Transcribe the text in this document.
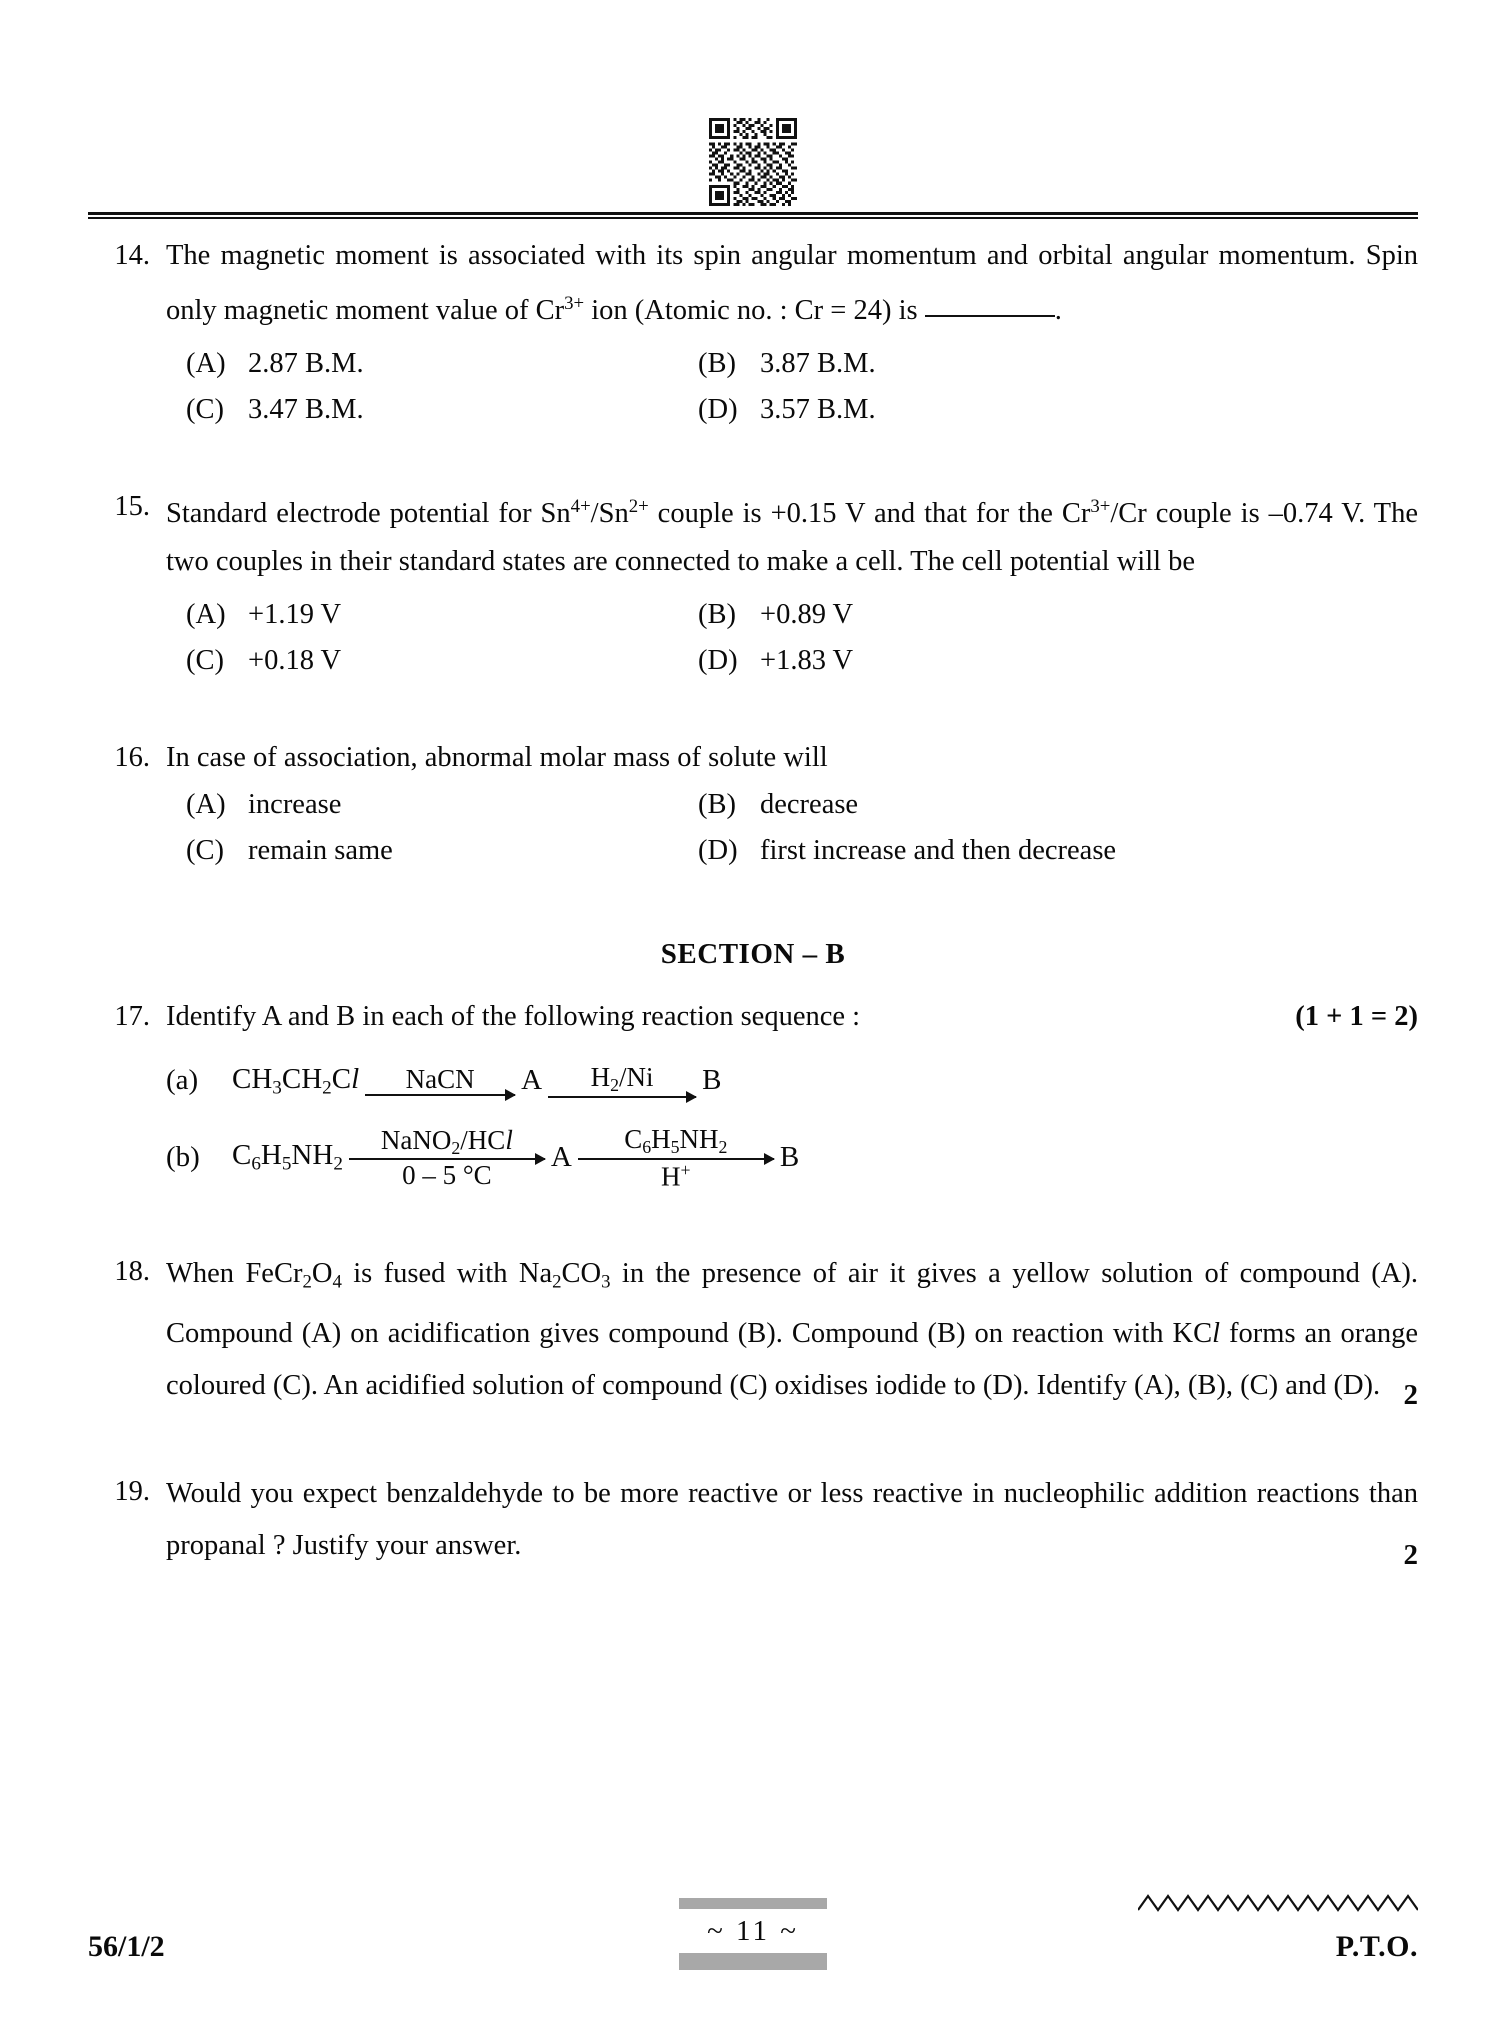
14. The magnetic moment is associated with its spin angular momentum and orbital angular momentum. Spin only magnetic moment value of $Cr^{3+}$ ion (Atomic no. : Cr = 24) is	.
(A) 2.87 B.M.	(B) 3.87 B.M.
(C) 3.47 B.M.	(D) 3.57 B.M.
15. Standard electrode potential for $Sn^{4+}/Sn^{2+}$ couple is +0.15 V and that for the $Cr^{3+}/Cr$ couple is –0.74 V. The two couples in their standard states are connected to make a cell. The cell potential will be
(A) +1.19 V	(B) +0.89 V
(C) +0.18 V	(D) +1.83 V
16. In case of association, abnormal molar mass of solute will
(A) increase	(B) decrease
(C) remain same	(D) first increase and then decrease
SECTION – B
17.	(1 + 1 = 2)
Identify A and B in each of the following reaction sequence :
(a)	$CH_3CH_2Cl$ NaCN A $H_2/Ni$ B
(b)	$C_6H_5NH_2$
NaNO$_2$/HCl
0 – 5 °C
A
$C_6H_5NH_2$
H+	B
18. When $FeCr_2O_4$ is fused with $Na_2CO_3$ in the presence of air it gives a yellow solution of compound (A). Compound (A) on acidification gives compound (B). Compound (B) on reaction with KCl forms an orange coloured (C). An acidified solution of compound (C) oxidises iodide to (D). Identify (A), (B), (C) and (D). 2
19. Would you expect benzaldehyde to be more reactive or less reactive in nucleophilic addition reactions than propanal ? Justify your answer.	2
56/1/2	~ 11 ~	P.T.O.
